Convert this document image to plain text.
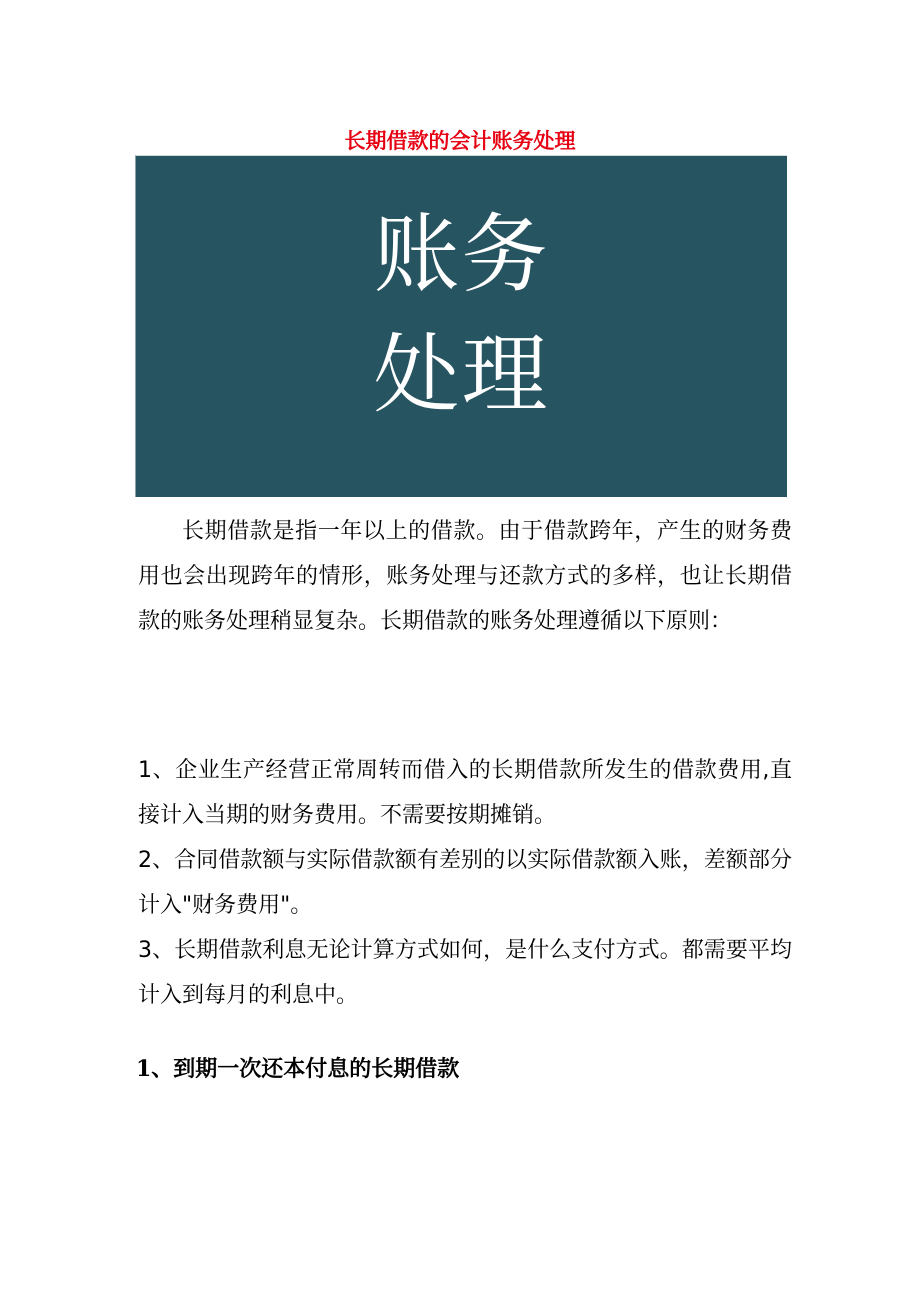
长期借款的会计账务处理
账务
处理

长期借款是指一年以上的借款。由于借款跨年，产生的财务费用也会出现跨年的情形，账务处理与还款方式的多样，也让长期借款的账务处理稍显复杂。长期借款的账务处理遵循以下原则：

1、企业生产经营正常周转而借入的长期借款所发生的借款费用,直接计入当期的财务费用。不需要按期摊销。

2、合同借款额与实际借款额有差别的以实际借款额入账，差额部分计入"财务费用"。

3、长期借款利息无论计算方式如何，是什么支付方式。都需要平均计入到每月的利息中。

1、到期一次还本付息的长期借款
